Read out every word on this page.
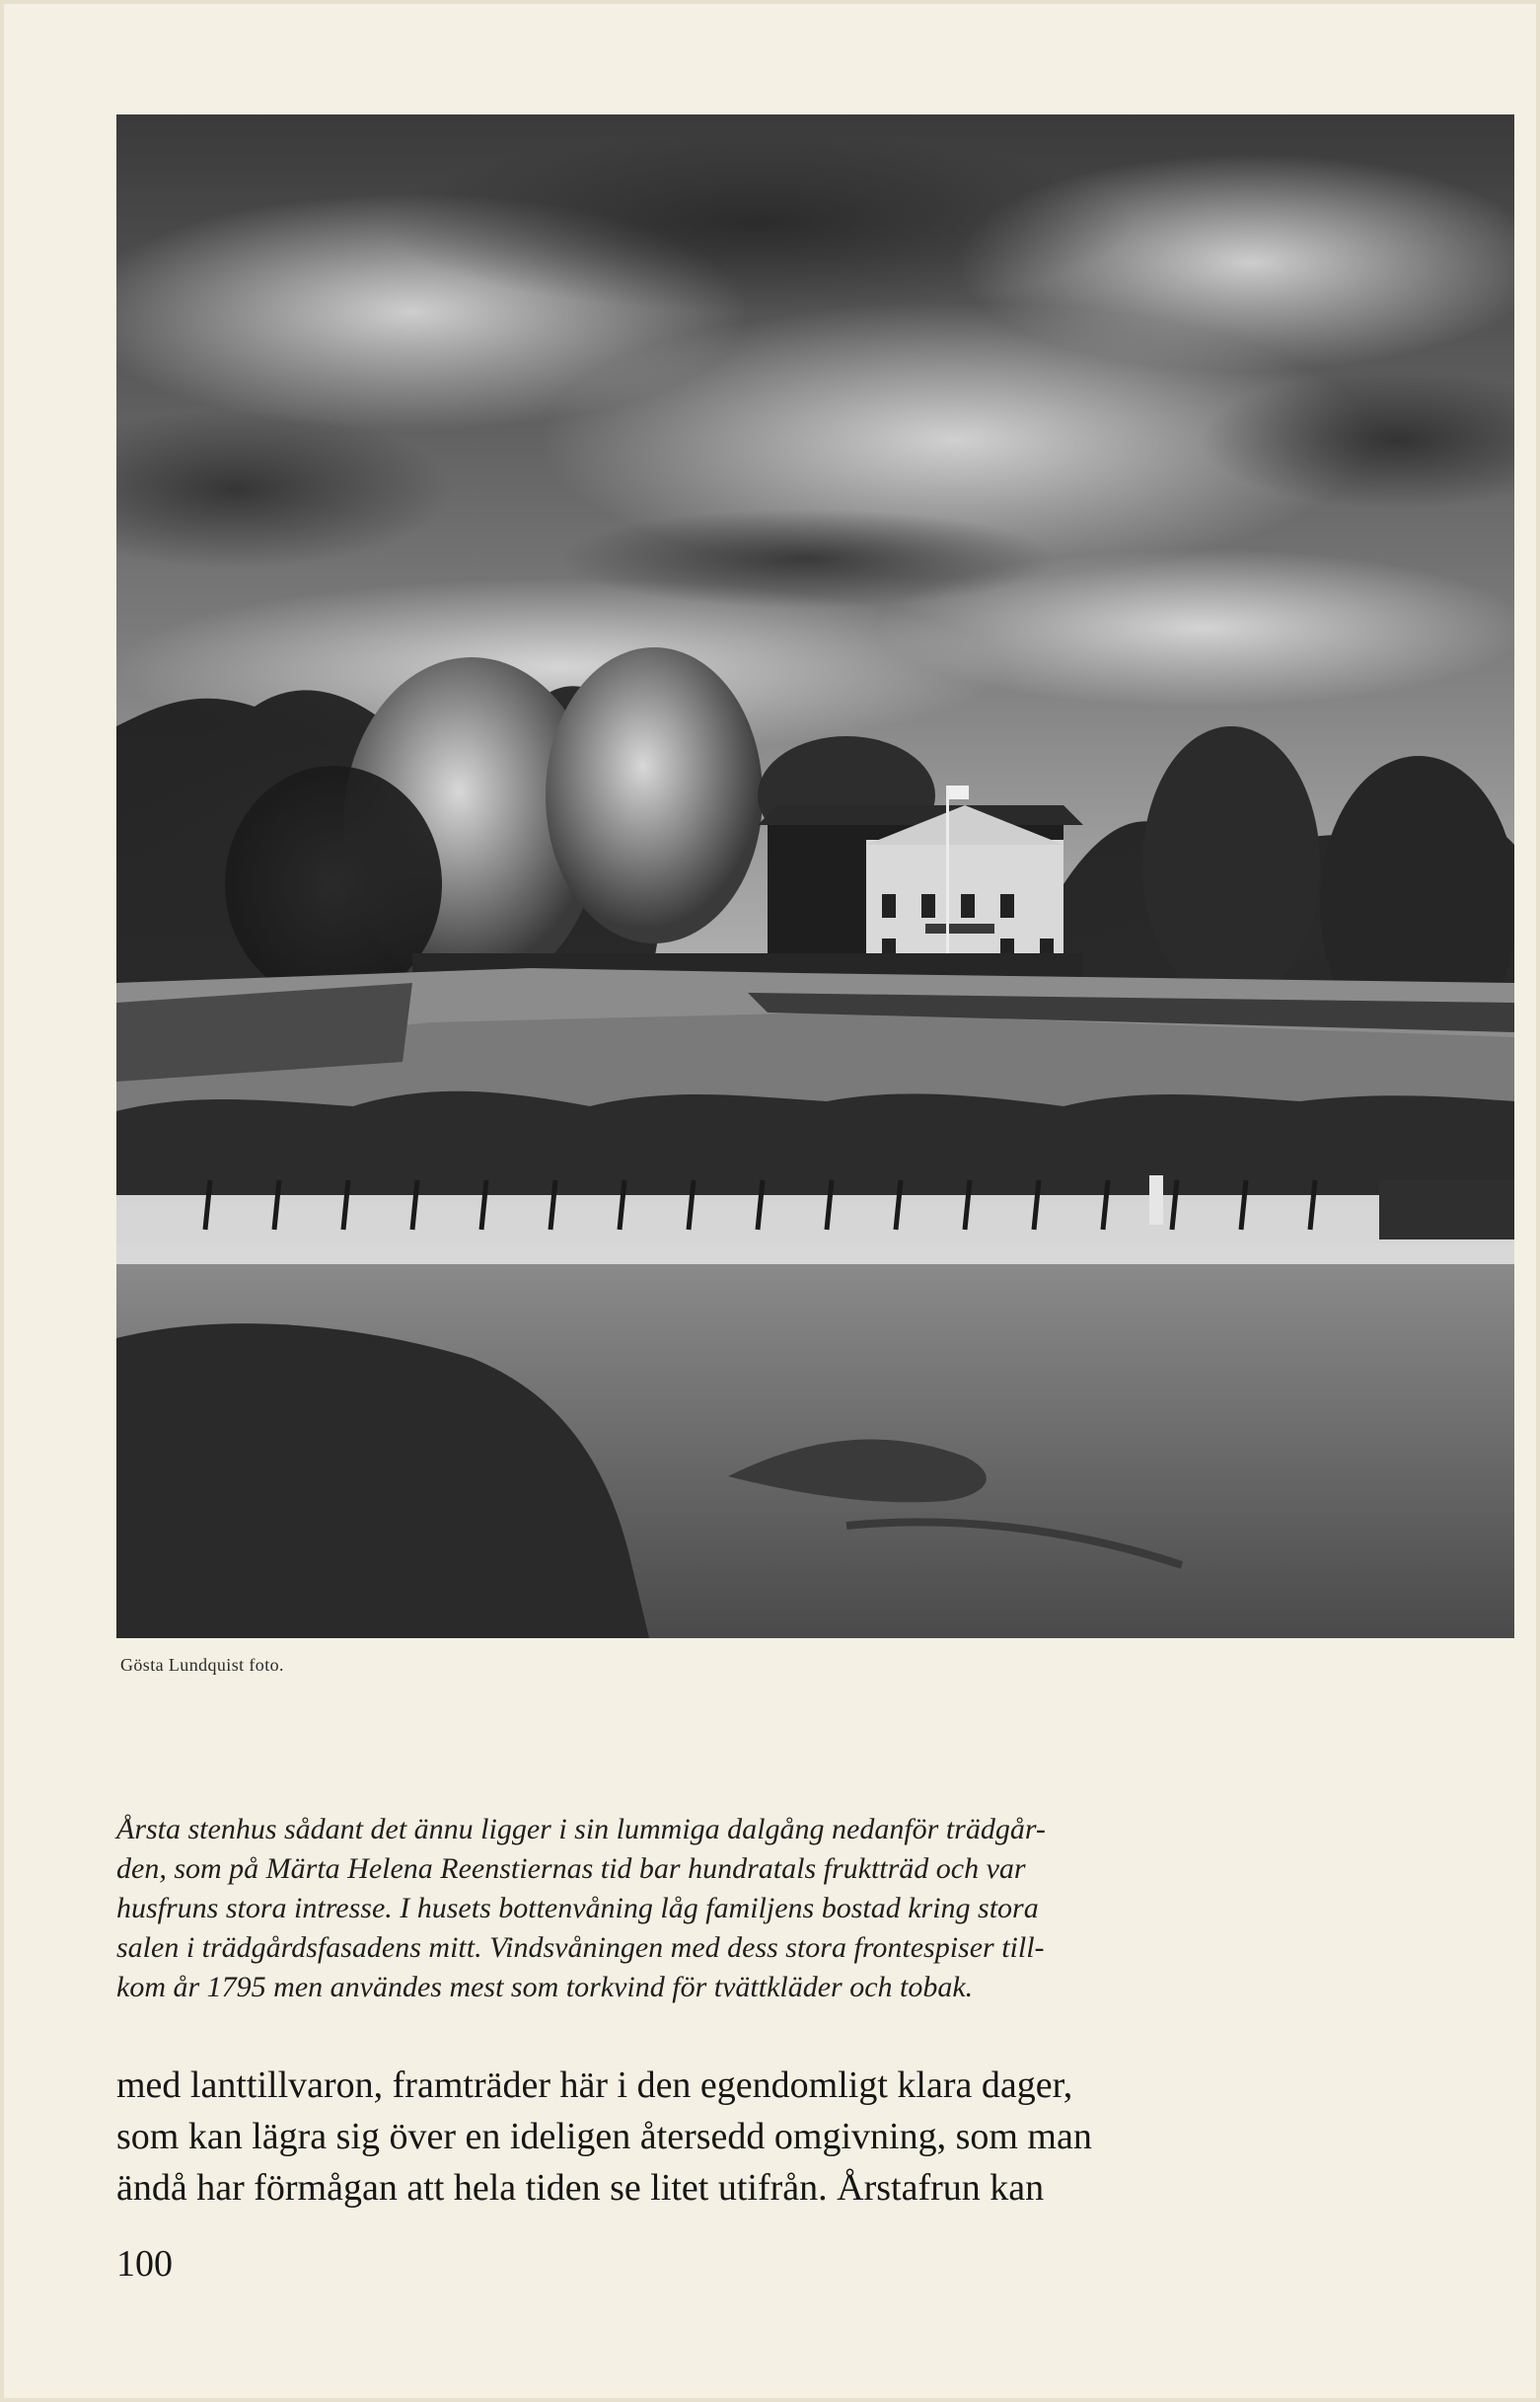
Gösta Lundquist foto.
Årsta stenhus sådant det ännu ligger i sin lummiga dalgång nedanför trädgår-
den, som på Märta Helena Reenstiernas tid bar hundratals fruktträd och var
husfruns stora intresse. I husets bottenvåning låg familjens bostad kring stora
salen i trädgårdsfasadens mitt. Vindsvåningen med dess stora frontespiser till-
kom år 1795 men användes mest som torkvind för tvättkläder och tobak.
med lanttillvaron, framträder här i den egendomligt klara dager,
som kan lägra sig över en ideligen återsedd omgivning, som man
ändå har förmågan att hela tiden se litet utifrån. Årstafrun kan
100
